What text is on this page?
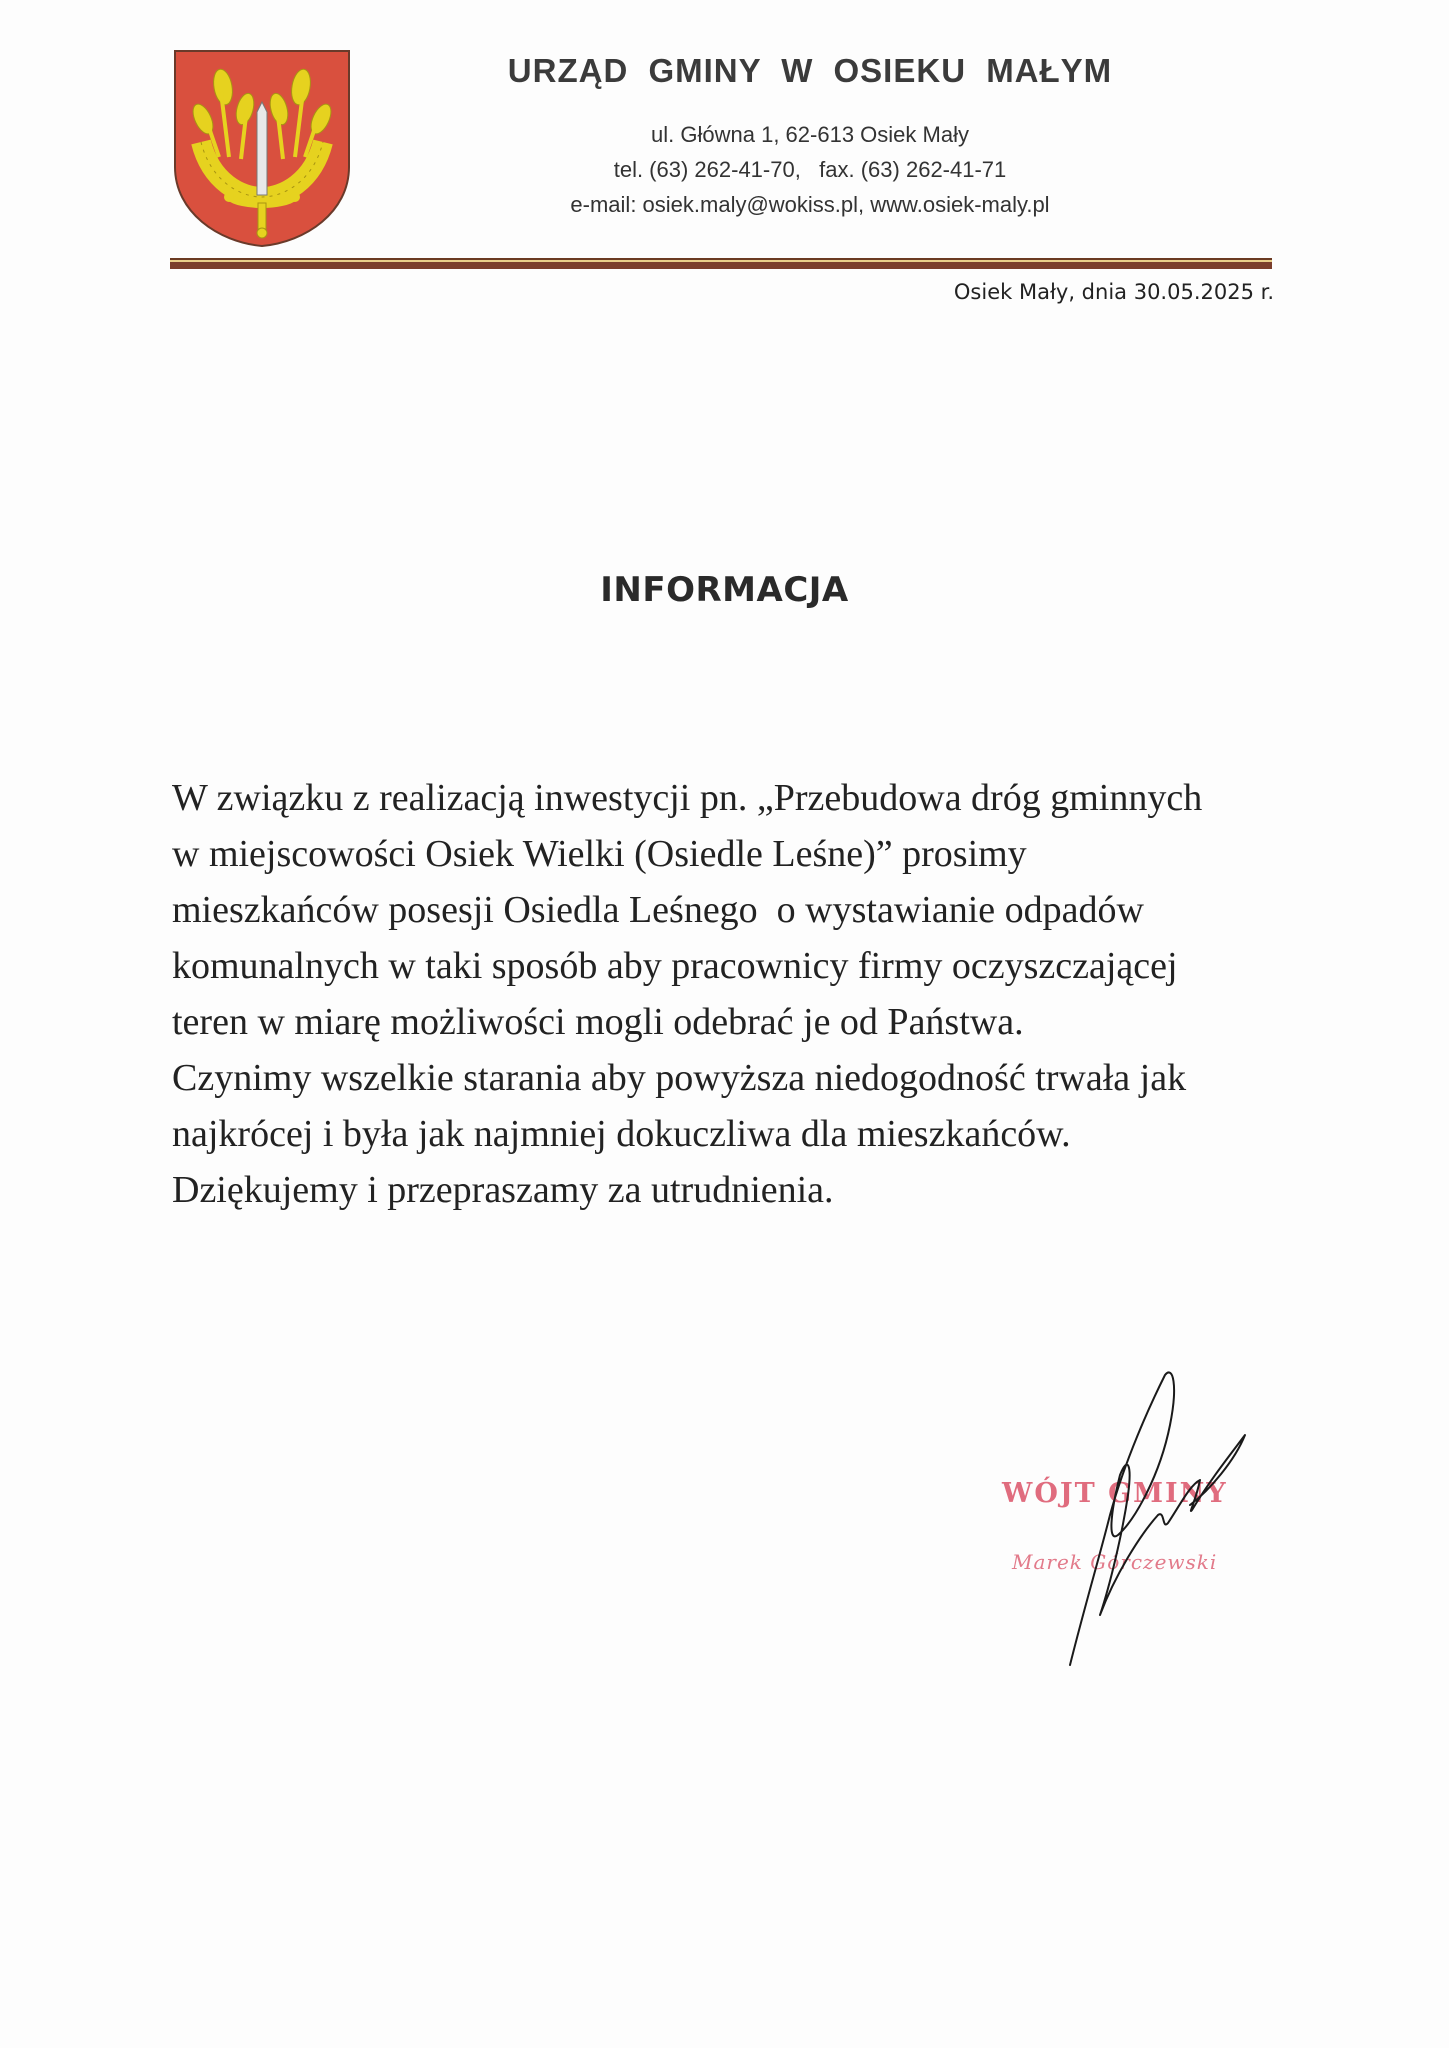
URZĄD GMINY W OSIEKU MAŁYM
ul. Główna 1, 62-613 Osiek Mały
tel. (63) 262-41-70,   fax. (63) 262-41-71
e-mail: osiek.maly@wokiss.pl, www.osiek-maly.pl
Osiek Mały, dnia 30.05.2025 r.
INFORMACJA
W związku z realizacją inwestycji pn. „Przebudowa dróg gminnych
w miejscowości Osiek Wielki (Osiedle Leśne)” prosimy
mieszkańców posesji Osiedla Leśnego  o wystawianie odpadów
komunalnych w taki sposób aby pracownicy firmy oczyszczającej
teren w miarę możliwości mogli odebrać je od Państwa.
Czynimy wszelkie starania aby powyższa niedogodność trwała jak
najkrócej i była jak najmniej dokuczliwa dla mieszkańców.
Dziękujemy i przepraszamy za utrudnienia.
WÓJT GMINY
Marek Górczewski
